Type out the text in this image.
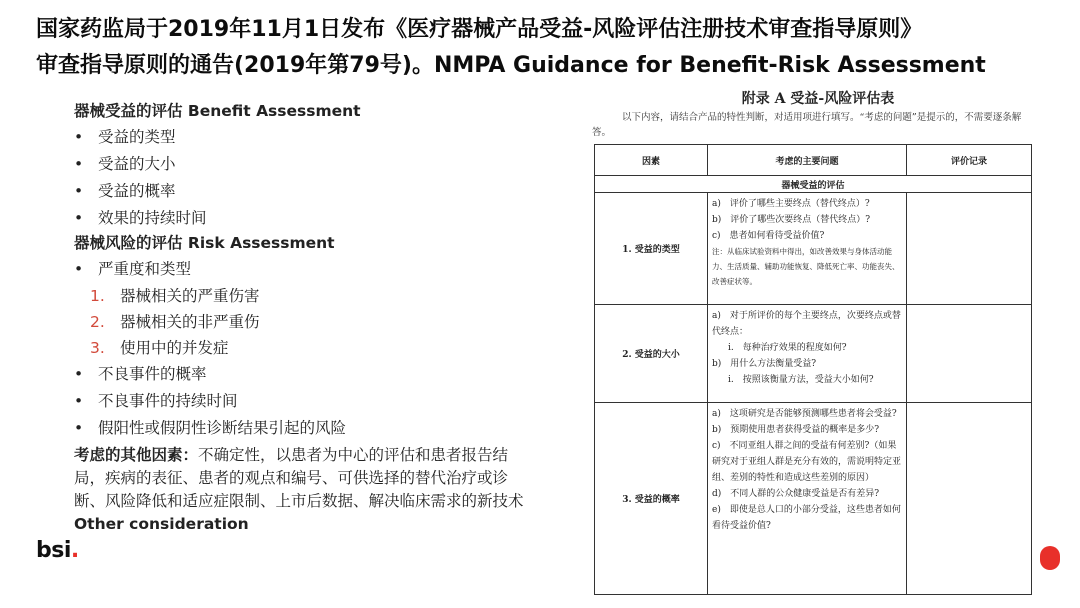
国家药监局于2019年11月1日发布《医疗器械产品受益-风险评估注册技术审查指导原则》
审查指导原则的通告(2019年第79号)。NMPA Guidance for Benefit-Risk Assessment
器械受益的评估 Benefit Assessment
• 受益的类型
• 受益的大小
• 受益的概率
• 效果的持续时间
器械风险的评估 Risk Assessment
• 严重度和类型
1. 器械相关的严重伤害
2. 器械相关的非严重伤
3. 使用中的并发症
• 不良事件的概率
• 不良事件的持续时间
• 假阳性或假阴性诊断结果引起的风险
考虑的其他因素：不确定性，以患者为中心的评估和患者报告结局，疾病的表征、患者的观点和编号、可供选择的替代治疗或诊断、风险降低和适应症限制、上市后数据、解决临床需求的新技术 Other consideration
bsi.
附录 A 受益-风险评估表
以下内容，请结合产品的特性判断，对适用项进行填写。“考虑的问题”是提示的，不需要逐条解答。
因素	考虑的主要问题	评价记录
器械受益的评估		
1. 受益的类型	a)　评价了哪些主要终点（替代终点）?
b)　评价了哪些次要终点（替代终点）?
c)　患者如何看待受益价值?
注：从临床试验资料中得出，如改善效果与身体活动能力、生活质量、辅助功能恢复、降低死亡率、功能丧失、改善症状等。	

2. 受益的大小	a)　对于所评价的每个主要终点，次要终点或替代终点：
i.　每种治疗效果的程度如何?
b)　用什么方法衡量受益?
i.　按照该衡量方法，受益大小如何?	

3. 受益的概率	a)　这项研究是否能够预测哪些患者将会受益?
b)　预期使用患者获得受益的概率是多少?
c)　不同亚组人群之间的受益有何差别?（如果研究对于亚组人群是充分有效的，需说明特定亚组、差别的特性和造成这些差别的原因）
d)　不同人群的公众健康受益是否有差异?
e)　即使是总人口的小部分受益，这些患者如何看待受益价值?	
